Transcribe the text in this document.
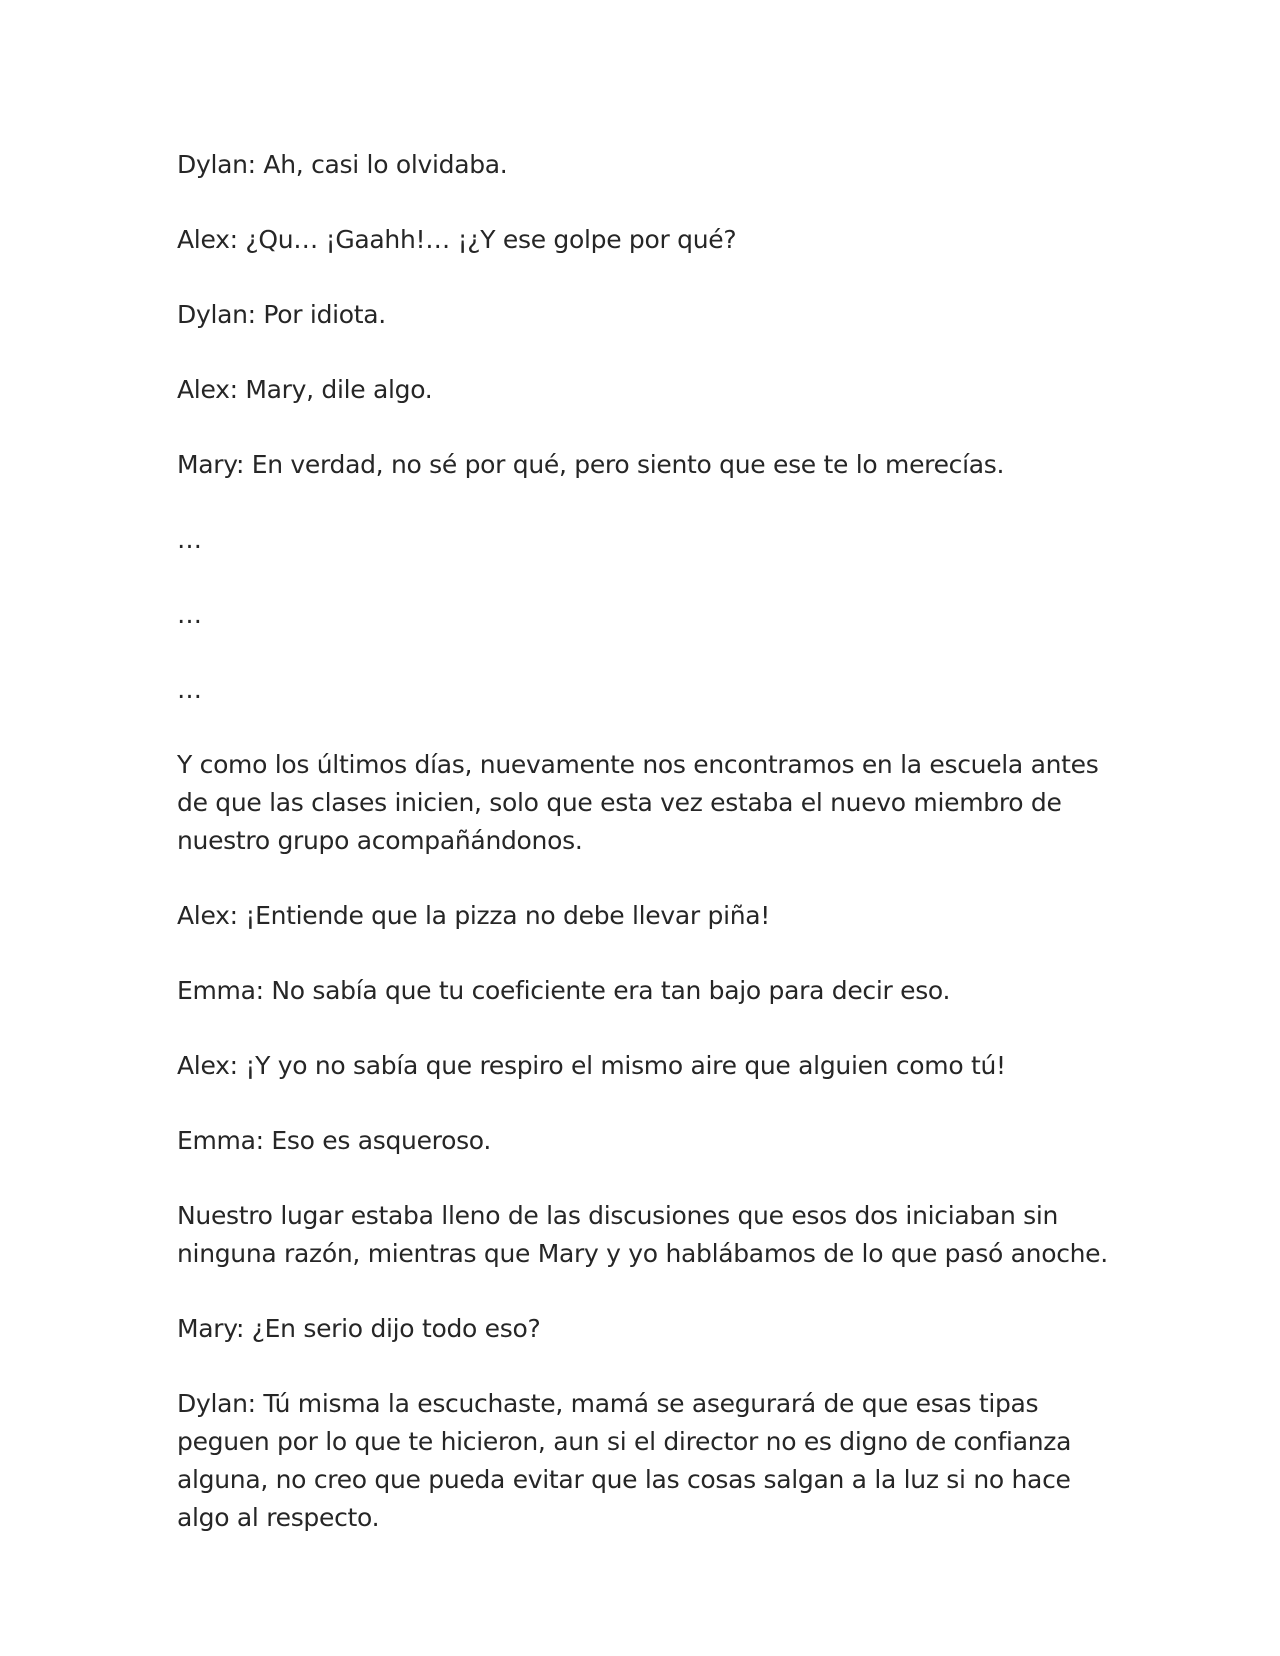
Dylan: Ah, casi lo olvidaba.

Alex: ¿Qu… ¡Gaahh!… ¡¿Y ese golpe por qué?

Dylan: Por idiota.

Alex: Mary, dile algo.

Mary: En verdad, no sé por qué, pero siento que ese te lo merecías.

…

…

…

Y como los últimos días, nuevamente nos encontramos en la escuela antes de que las clases inicien, solo que esta vez estaba el nuevo miembro de nuestro grupo acompañándonos.

Alex: ¡Entiende que la pizza no debe llevar piña!

Emma: No sabía que tu coeficiente era tan bajo para decir eso.

Alex: ¡Y yo no sabía que respiro el mismo aire que alguien como tú!

Emma: Eso es asqueroso.

Nuestro lugar estaba lleno de las discusiones que esos dos iniciaban sin ninguna razón, mientras que Mary y yo hablábamos de lo que pasó anoche.

Mary: ¿En serio dijo todo eso?

Dylan: Tú misma la escuchaste, mamá se asegurará de que esas tipas peguen por lo que te hicieron, aun si el director no es digno de confianza alguna, no creo que pueda evitar que las cosas salgan a la luz si no hace algo al respecto.
